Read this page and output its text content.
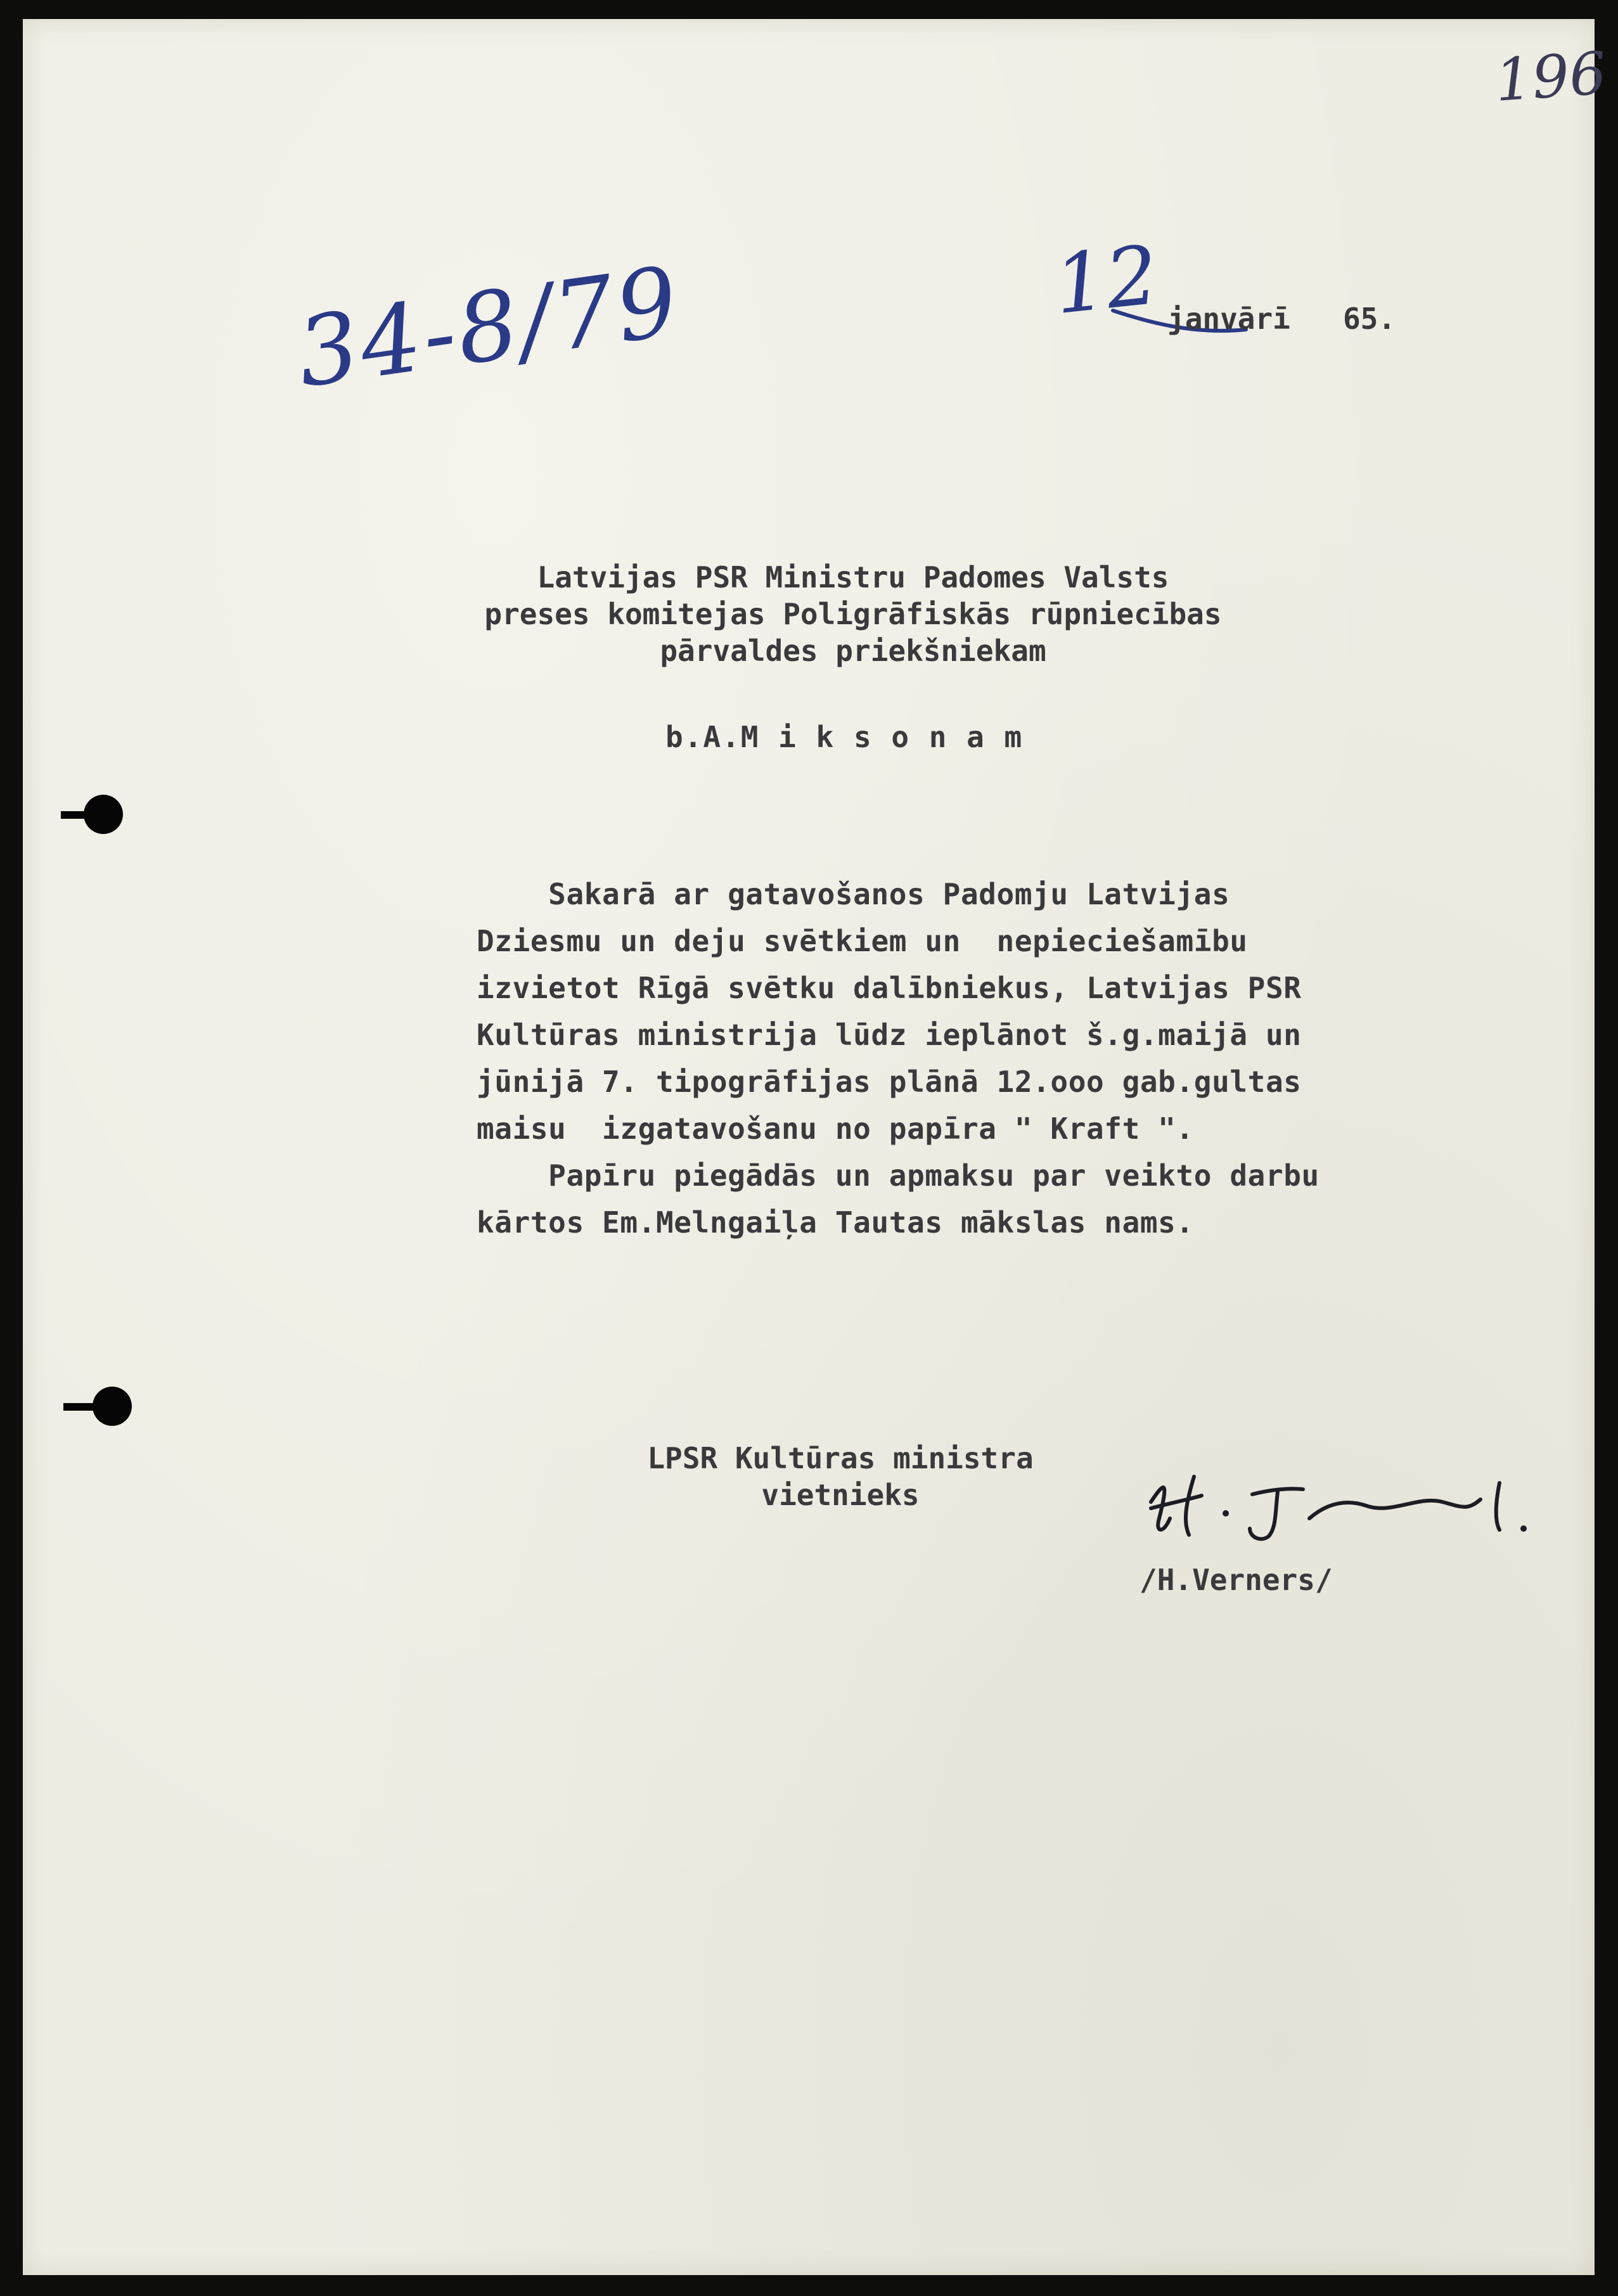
196
34-8/79	12 janvārī   65.
Latvijas PSR Ministru Padomes Valsts
preses komitejas Poligrāfiskās rūpniecības
pārvaldes priekšniekam
b.A.M i k s o n a m
Sakarā ar gatavošanos Padomju Latvijas
Dziesmu un deju svētkiem un  nepieciešamību
izvietot Rīgā svētku dalībniekus, Latvijas PSR
Kultūras ministrija lūdz ieplānot š.g.maijā un
jūnijā 7. tipogrāfijas plānā 12.ooo gab.gultas
maisu  izgatavošanu no papīra " Kraft ".
Papīru piegādās un apmaksu par veikto darbu
kārtos Em.Melngaiļa Tautas mākslas nams.
LPSR Kultūras ministra
vietnieks
/H.Verners/
